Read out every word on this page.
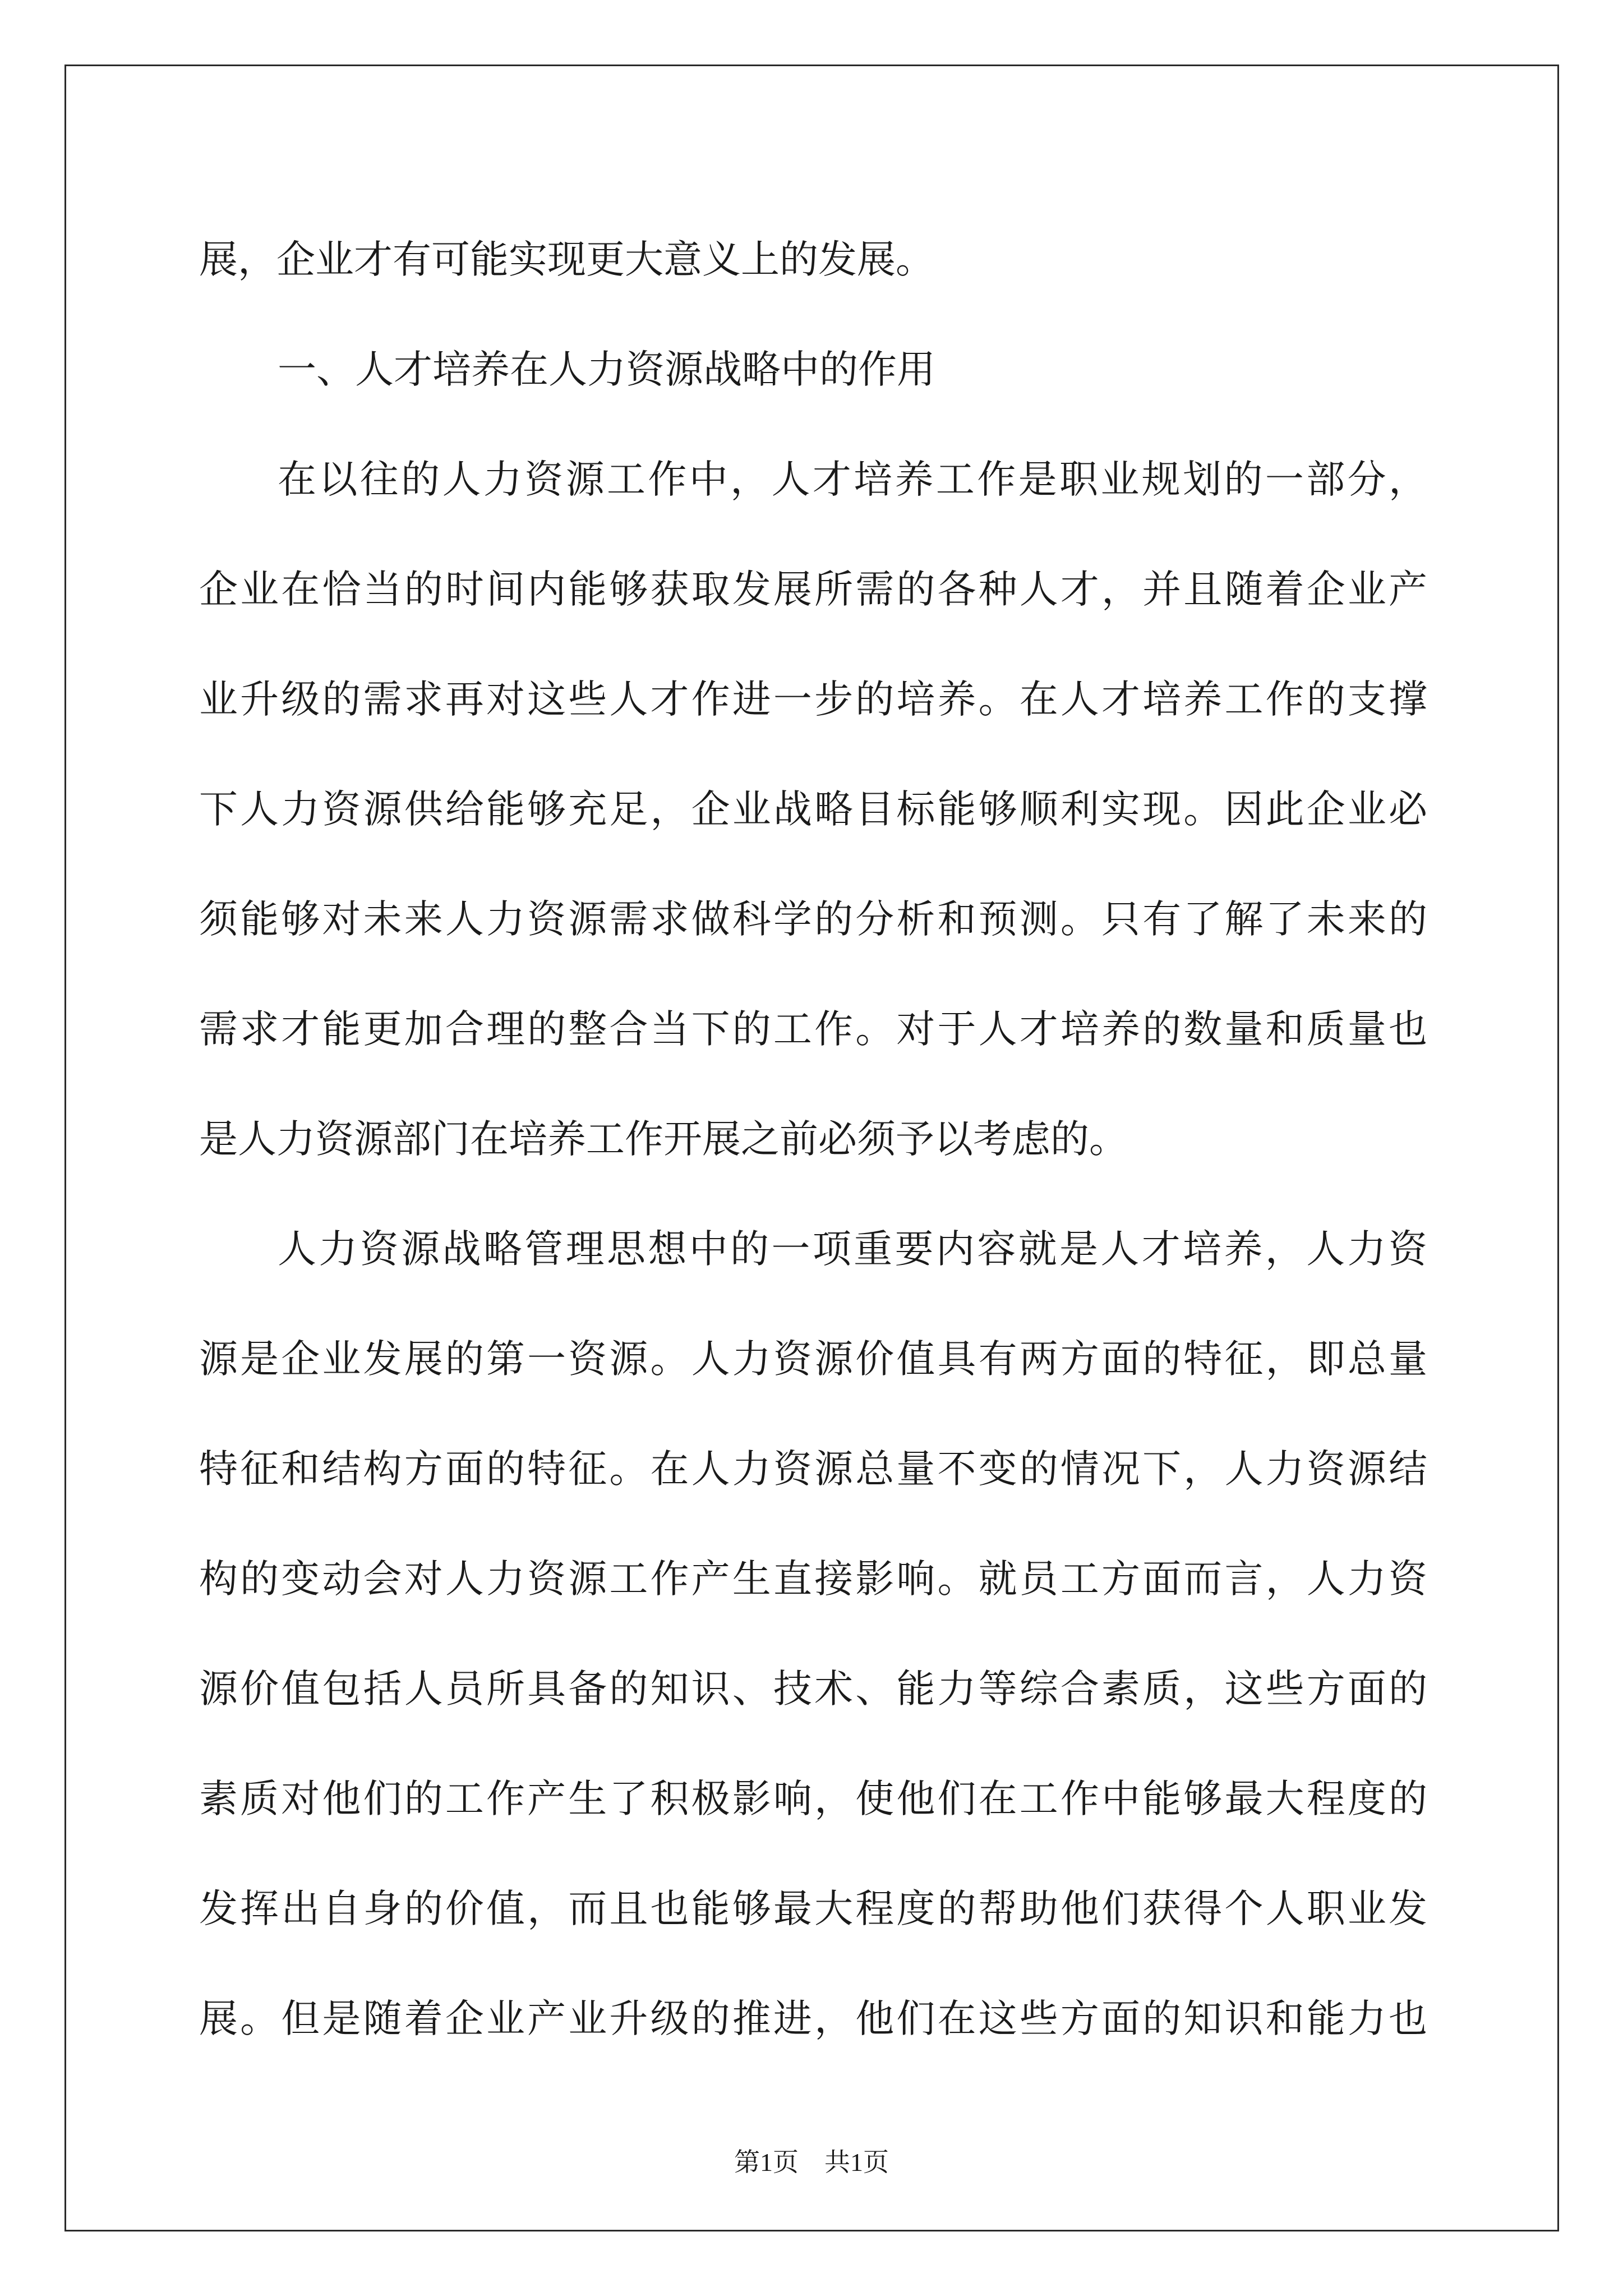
展，企业才有可能实现更大意义上的发展。
一、人才培养在人力资源战略中的作用
在以往的人力资源工作中，人才培养工作是职业规划的一部分，
企业在恰当的时间内能够获取发展所需的各种人才，并且随着企业产
业升级的需求再对这些人才作进一步的培养。在人才培养工作的支撑
下人力资源供给能够充足，企业战略目标能够顺利实现。因此企业必
须能够对未来人力资源需求做科学的分析和预测。只有了解了未来的
需求才能更加合理的整合当下的工作。对于人才培养的数量和质量也
是人力资源部门在培养工作开展之前必须予以考虑的。
人力资源战略管理思想中的一项重要内容就是人才培养，人力资
源是企业发展的第一资源。人力资源价值具有两方面的特征，即总量
特征和结构方面的特征。在人力资源总量不变的情况下，人力资源结
构的变动会对人力资源工作产生直接影响。就员工方面而言，人力资
源价值包括人员所具备的知识、技术、能力等综合素质，这些方面的
素质对他们的工作产生了积极影响，使他们在工作中能够最大程度的
发挥出自身的价值，而且也能够最大程度的帮助他们获得个人职业发
展。但是随着企业产业升级的推进，他们在这些方面的知识和能力也
第1页　共1页
